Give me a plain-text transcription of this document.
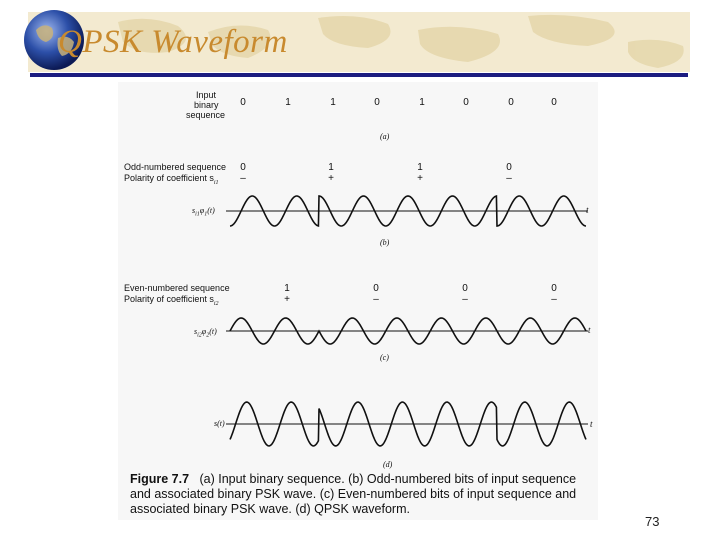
QPSK Waveform
Input
binary
sequence
0	1	1	0	1	0	0	0
(a)
Odd-numbered sequence
Polarity of coefficient $s_{i1}$
0	1	1	0
–	+	+	–
$s_{i1}\varphi_1(t)$
(b)
Even-numbered sequence
Polarity of coefficient $s_{i2}$
1	0	0	0
+	–	–	–
$s_{i2}\varphi_2(t)$
(c)
s(t)
(d)
t
t
t
Figure 7.7 (a) Input binary sequence. (b) Odd-numbered bits of input sequence and associated binary PSK wave. (c) Even-numbered bits of input sequence and associated binary PSK wave. (d) QPSK waveform.
73
